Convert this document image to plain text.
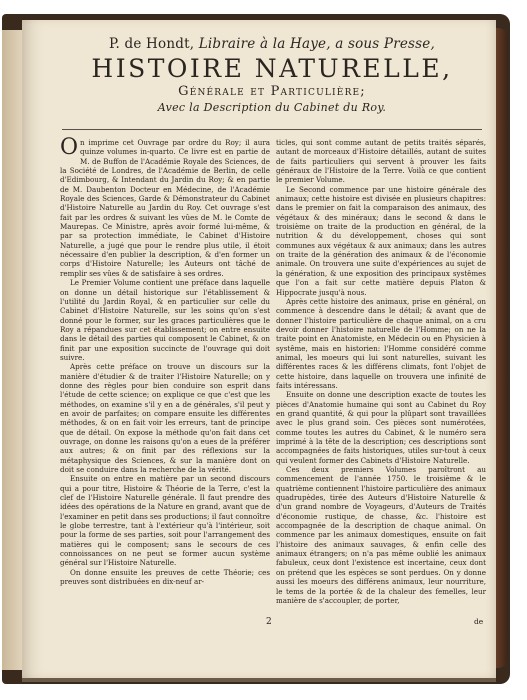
P. de Hondt, Libraire à la Haye, a sous Presse,
HISTOIRE NATURELLE,
Générale et Particulière;
Avec la Description du Cabinet du Roy.

On imprime cet Ouvrage par ordre du Roy; il aura quinze volumes in-quarto. Ce livre est en partie de M. de Buffon de l'Académie Royale des Sciences, de la Société de Londres, de l'Académie de Berlin, de celle d'Edimbourg, & Intendant du Jardin du Roy; & en partie de M. Daubenton Docteur en Médecine, de l'Académie Royale des Sciences, Garde & Démonstrateur du Cabinet d'Histoire Naturelle au Jardin du Roy. Cet ouvrage s'est fait par les ordres & suivant les vûes de M. le Comte de Maurepas. Ce Ministre, après avoir formé lui-même, & par sa protection immédiate, le Cabinet d'Histoire Naturelle, a jugé que pour le rendre plus utile, il étoit nécessaire d'en publier la description, & d'en former un corps d'Histoire Naturelle; les Auteurs ont tâché de remplir ses vûes & de satisfaire à ses ordres.

Le Premier Volume contient une préface dans laquelle on donne un détail historique sur l'établissement & l'utilité du Jardin Royal, & en particulier sur celle du Cabinet d'Histoire Naturelle, sur les soins qu'on s'est donné pour le former, sur les graces particulières que le Roy a répandues sur cet établissement; on entre ensuite dans le détail des parties qui composent le Cabinet, & on finit par une exposition succincte de l'ouvrage qui doit suivre.

Après cette préface on trouve un discours sur la manière d'étudier & de traiter l'Histoire Naturelle; on y donne des règles pour bien conduire son esprit dans l'étude de cette science; on explique ce que c'est que les méthodes, on examine s'il y en a de générales, s'il peut y en avoir de parfaites; on compare ensuite les différentes méthodes, & on en fait voir les erreurs, tant de principe que de détail. On expose la méthode qu'on fait dans cet ouvrage, on donne les raisons qu'on a eues de la préférer aux autres; & on finit par des réflexions sur la métaphysique des Sciences, & sur la manière dont on doit se conduire dans la recherche de la vérité.

Ensuite on entre en matière par un second discours qui a pour titre, Histoire & Théorie de la Terre, c'est la clef de l'Histoire Naturelle générale. Il faut prendre des idées des opérations de la Nature en grand, avant que de l'examiner en petit dans ses productions; il faut connoître le globe terrestre, tant à l'extérieur qu'à l'intérieur, soit pour la forme de ses parties, soit pour l'arrangement des matières qui le composent; sans le secours de ces connoissances on ne peut se former aucun système général sur l'Histoire Naturelle.

On donne ensuite les preuves de cette Théorie; ces preuves sont distribuées en dix-neuf ar-

ticles, qui sont comme autant de petits traités séparés, autant de morceaux d'Histoire détaillés, autant de suites de faits particuliers qui servent à prouver les faits généraux de l'Histoire de la Terre. Voilà ce que contient le premier Volume.

Le Second commence par une histoire générale des animaux; cette histoire est divisée en plusieurs chapitres: dans le premier on fait la comparaison des animaux, des végétaux & des minéraux; dans le second & dans le troisième on traite de la production en général, de la nutrition & du développement, choses qui sont communes aux végétaux & aux animaux; dans les autres on traite de la génération des animaux & de l'économie animale. On trouvera une suite d'expériences au sujet de la génération, & une exposition des principaux systêmes que l'on a fait sur cette matière depuis Platon & Hippocrate jusqu'à nous.

Après cette histoire des animaux, prise en général, on commence à descendre dans le détail; & avant que de donner l'histoire particulière de chaque animal, on a cru devoir donner l'histoire naturelle de l'Homme; on ne la traite point en Anatomiste, en Médecin ou en Physicien à systême, mais en historien: l'Homme considéré comme animal, les moeurs qui lui sont naturelles, suivant les différentes races & les différens climats, font l'objet de cette histoire, dans laquelle on trouvera une infinité de faits intéressans.

Ensuite on donne une description exacte de toutes les pièces d'Anatomie humaine qui sont au Cabinet du Roy en grand quantité, & qui pour la plûpart sont travaillées avec le plus grand soin. Ces pièces sont numérotées, comme toutes les autres du Cabinet, & le numéro sera imprimé à la tête de la description; ces descriptions sont accompagnées de faits historiques, utiles sur-tout à ceux qui veulent former des Cabinets d'Histoire Naturelle.

Ces deux premiers Volumes paroîtront au commencement de l'année 1750. le troisième & le quatrième contiennent l'histoire particulière des animaux quadrupèdes, tirée des Auteurs d'Histoire Naturelle & d'un grand nombre de Voyageurs, d'Auteurs de Traités d'économie rustique, de chasse, &c. l'histoire est accompagnée de la description de chaque animal. On commence par les animaux domestiques, ensuite on fait l'histoire des animaux sauvages, & enfin celle des animaux étrangers; on n'a pas même oublié les animaux fabuleux, ceux dont l'existence est incertaine, ceux dont on prétend que les espèces se sont perdues. On y donne aussi les moeurs des différens animaux, leur nourriture, le tems de la portée & de la chaleur des femelles, leur manière de s'accoupler, de porter,

2	de
